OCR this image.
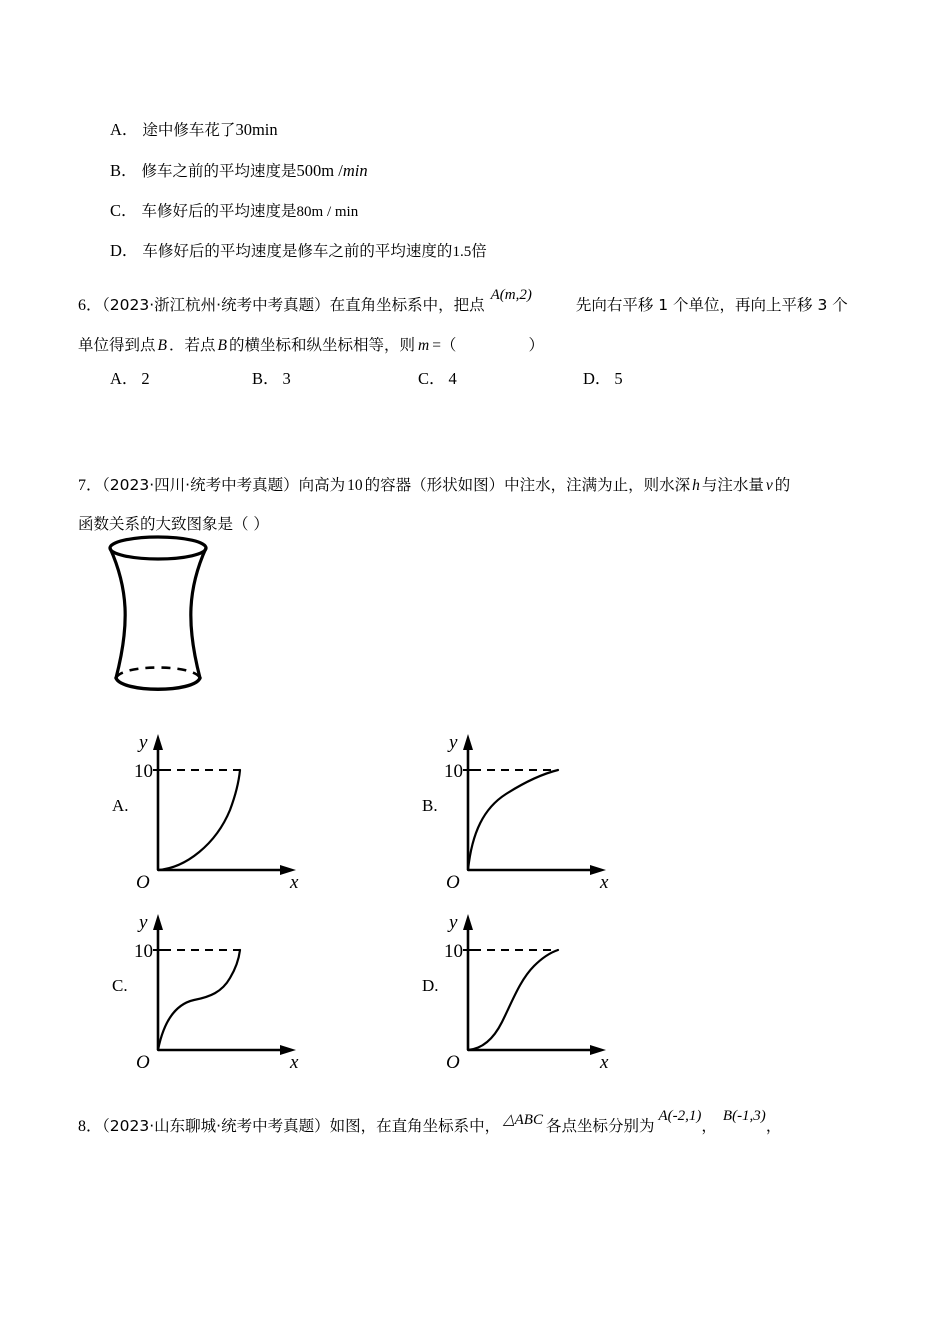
A． 途中修车花了30min
B． 修车之前的平均速度是500m /min
C． 车修好后的平均速度是80m / min
D． 车修好后的平均速度是修车之前的平均速度的1.5倍
6．（2023·浙江杭州·统考中考真题）在直角坐标系中，把点A(m,2)先向右平移 1 个单位，再向上平移 3 个
单位得到点 B ．若点 B 的横坐标和纵坐标相等，则 m =（	）
A． 2	B． 3	C． 4	D． 5
7．（2023·四川·统考中考真题）向高为 10 的容器（形状如图）中注水，注满为止，则水深 h 与注水量 v 的
函数关系的大致图象是（ ）
A.
10
O	x
y
B.
10
O	x
y
C.
10
O	x
y
D.
10
O	x
y
8．（2023·山东聊城·统考中考真题）如图，在直角坐标系中， △ABC 各点坐标分别为A(-2,1)，B(-1,3)，
